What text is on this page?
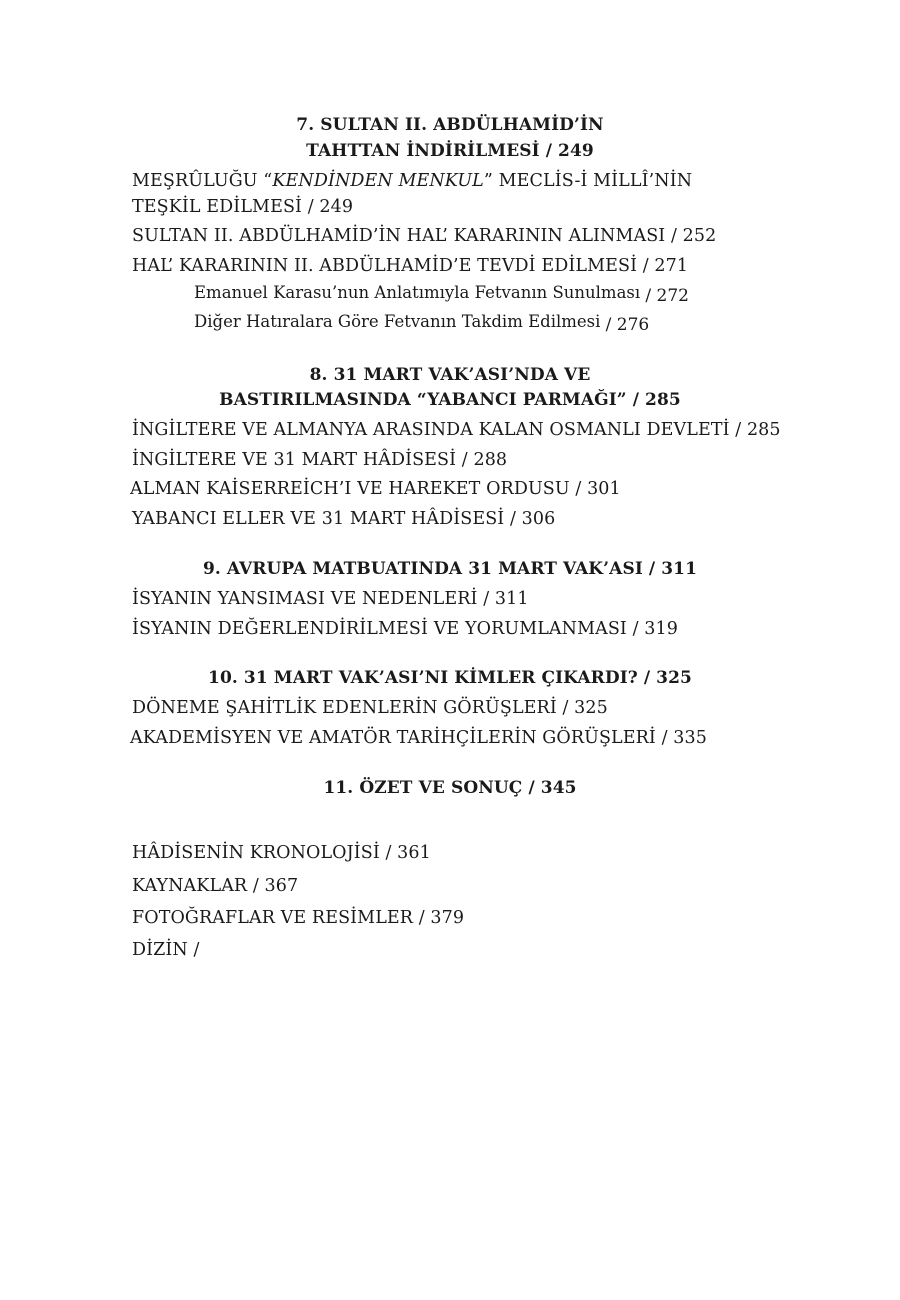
7. SULTAN II. ABDÜLHAMİD’İN
TAHTTAN İNDİRİLMESİ / 249
MEŞRÛLUĞU “KENDİNDEN MENKUL” MECLİS-İ MİLLÎ’NİN TEŞKİL EDİLMESİ / 249
SULTAN II. ABDÜLHAMİD’İN HAL’ KARARININ ALINMASI / 252
HAL’ KARARININ II. ABDÜLHAMİD’E TEVDİ EDİLMESİ / 271
Emanuel Karasu’nun Anlatımıyla Fetvanın Sunulması / 272
Diğer Hatıralara Göre Fetvanın Takdim Edilmesi / 276
8. 31 MART VAK’ASI’NDA VE
BASTIRILMASINDA “YABANCI PARMAĞI” / 285
İNGİLTERE VE ALMANYA ARASINDA KALAN OSMANLI DEVLETİ / 285
İNGİLTERE VE 31 MART HÂDİSESİ / 288
ALMAN KAİSERREİCH’I VE HAREKET ORDUSU / 301
YABANCI ELLER VE 31 MART HÂDİSESİ / 306
9. AVRUPA MATBUATINDA 31 MART VAK’ASI / 311
İSYANIN YANSIMASI VE NEDENLERİ / 311
İSYANIN DEĞERLENDİRİLMESİ VE YORUMLANMASI / 319
10. 31 MART VAK’ASI’NI KİMLER ÇIKARDI? / 325
DÖNEME ŞAHİTLİK EDENLERİN GÖRÜŞLERİ / 325
AKADEMİSYEN VE AMATÖR TARİHÇİLERİN GÖRÜŞLERİ / 335
11. ÖZET VE SONUÇ / 345
HÂDİSENİN KRONOLOJİSİ / 361
KAYNAKLAR / 367
FOTOĞRAFLAR VE RESİMLER / 379
DİZİN /
